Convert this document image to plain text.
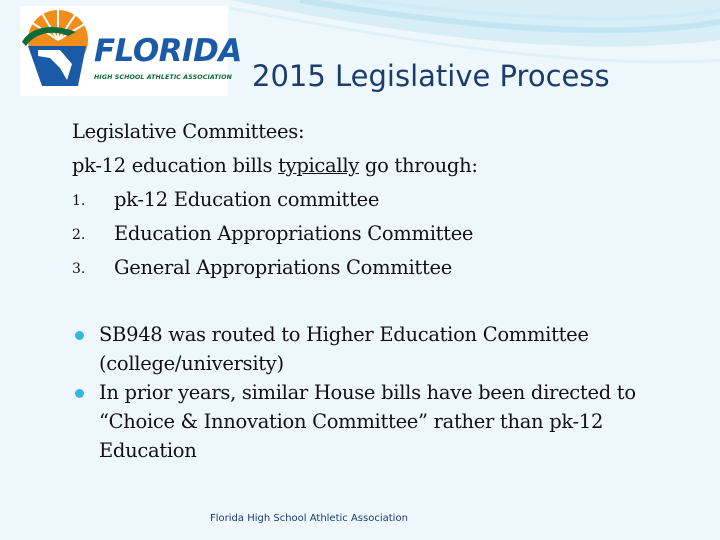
FLORIDA
HIGH SCHOOL ATHLETIC ASSOCIATION 2015 Legislative Process
Legislative Committees:
pk-12 education bills typically go through:
1. pk-12 Education committee
2. Education Appropriations Committee
3. General Appropriations Committee
SB948 was routed to Higher Education Committee (college/university)
In prior years, similar House bills have been directed to “Choice & Innovation Committee” rather than pk-12 Education
Florida High School Athletic Association
